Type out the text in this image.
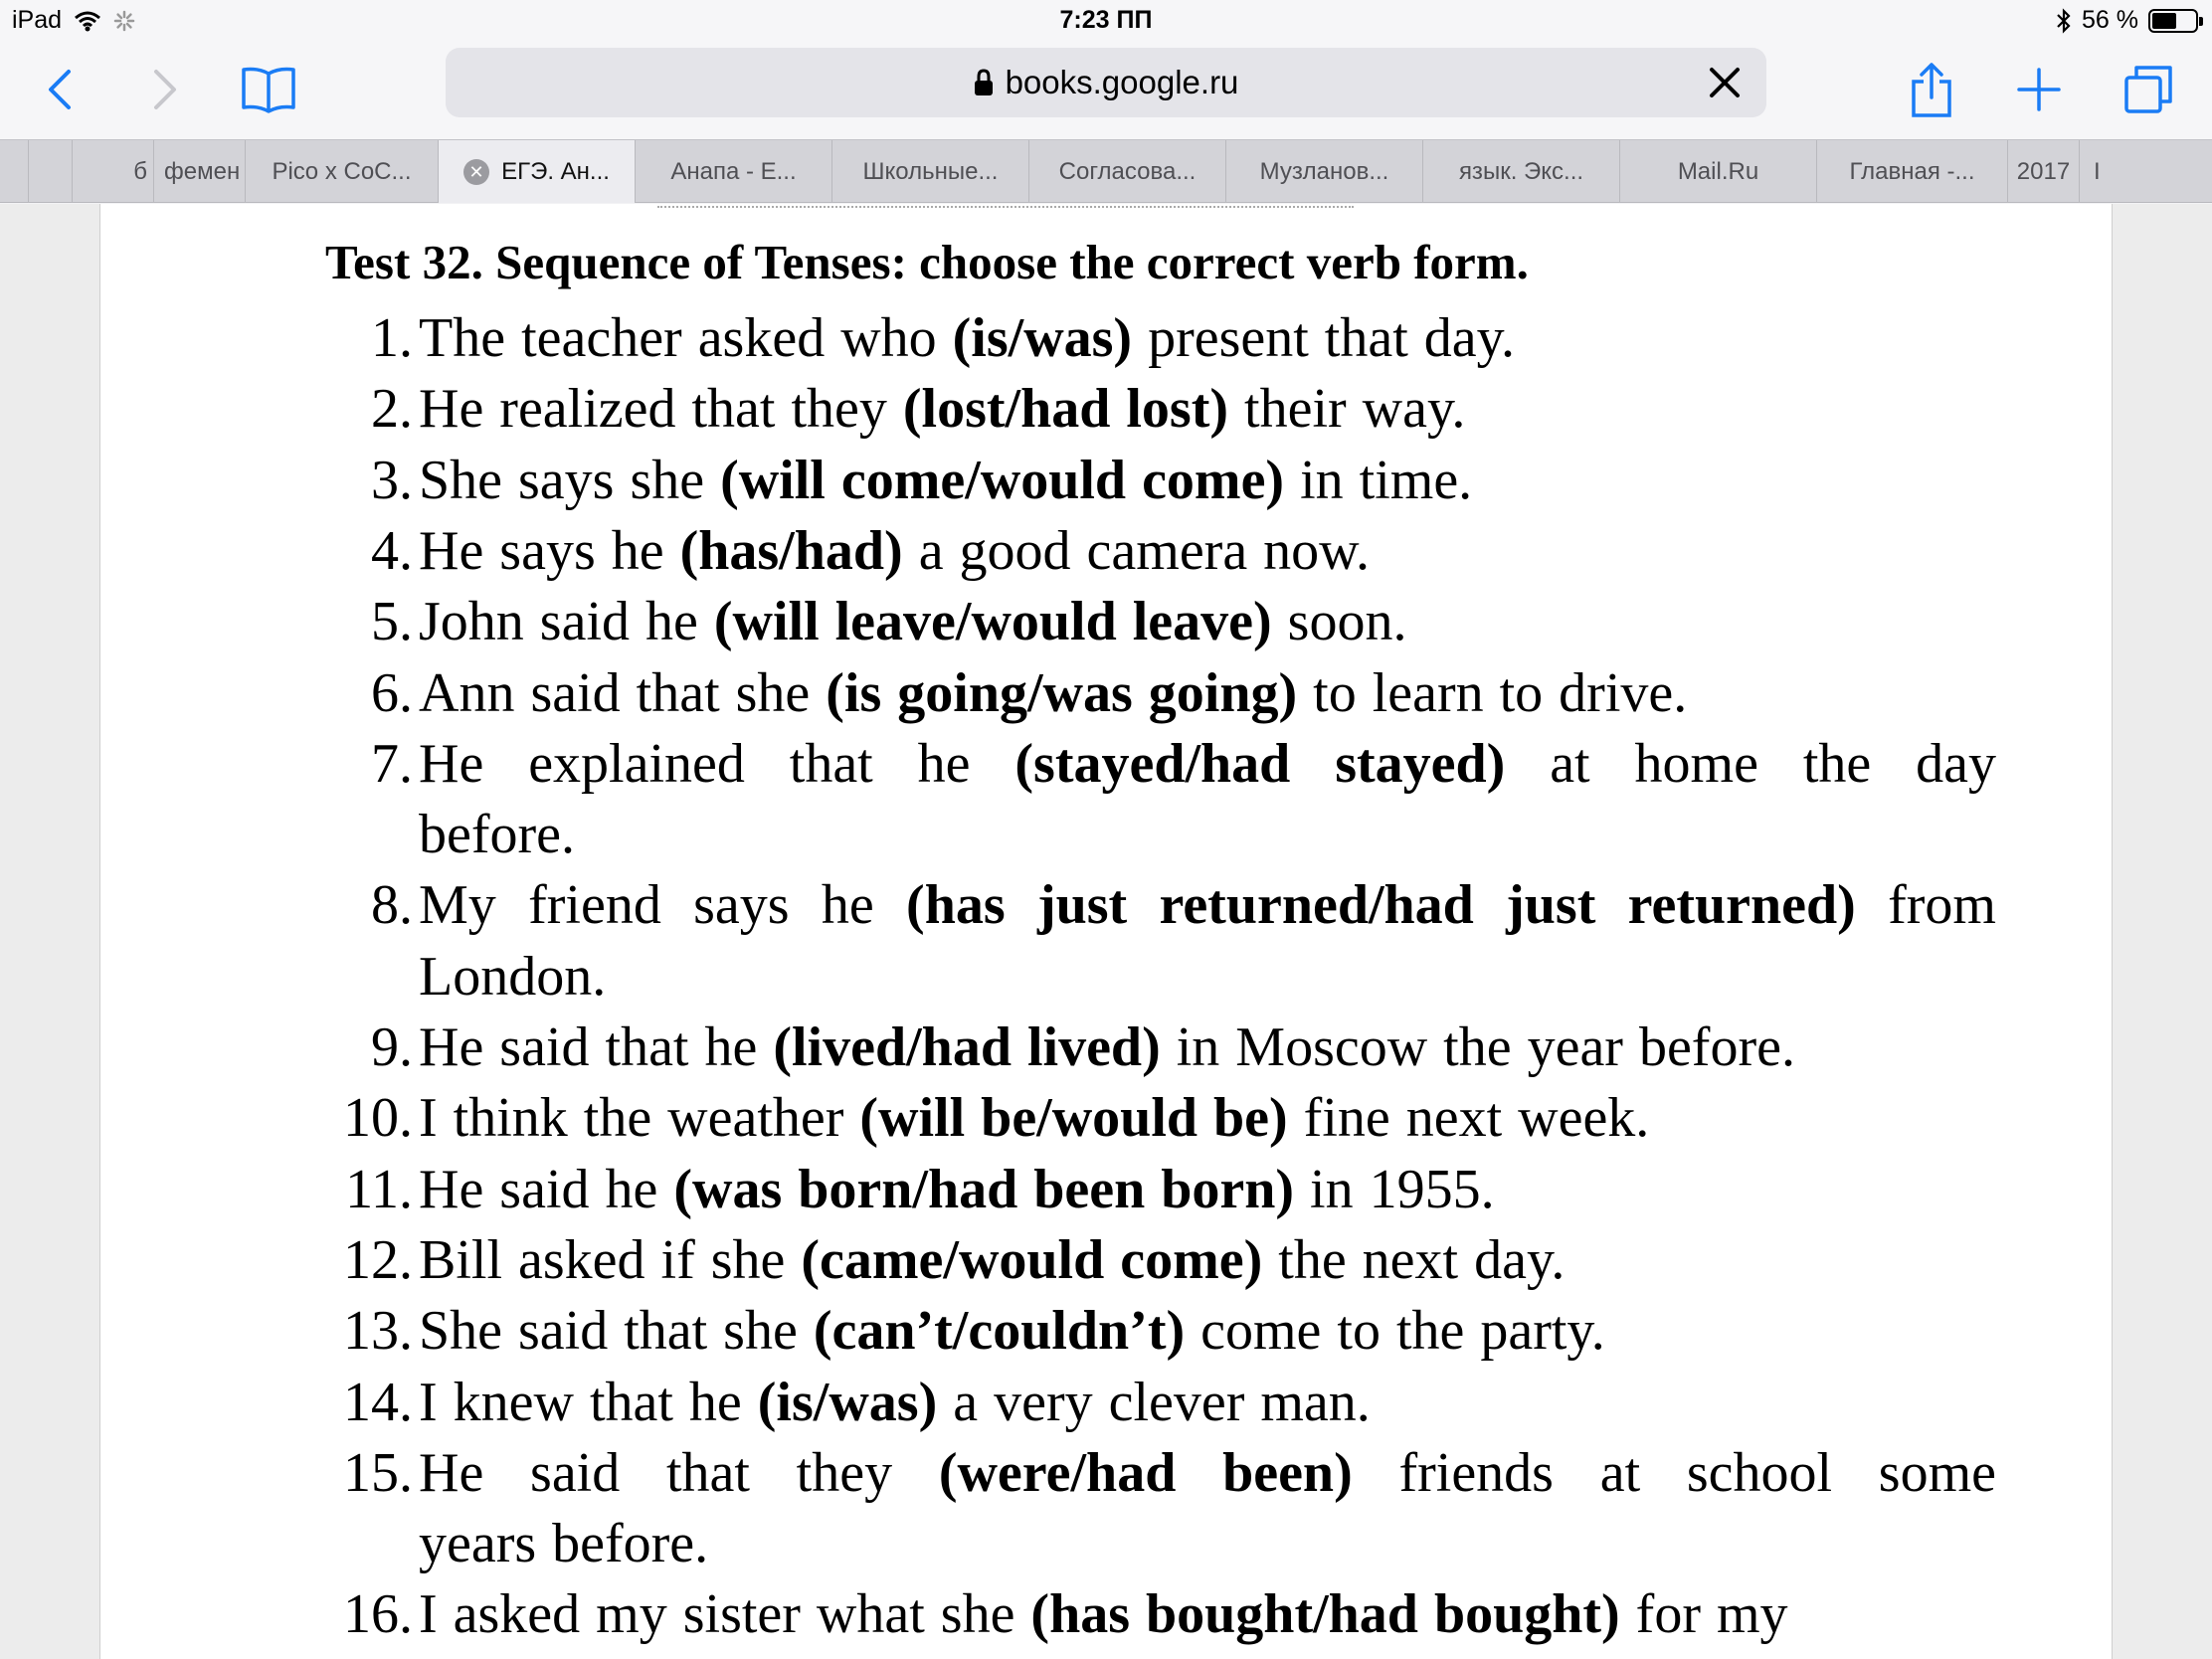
iPad	7:23 ПП	56 %
books.google.ru
б фемен Pico x CoC...	✕ ЕГЭ. Ан...	Анапа - Е...	Школьные...	Согласова...	Музланов...	язык. Экс...	Mail.Ru	Главная -... 2017 I
Test 32. Sequence of Tenses: choose the correct verb form.
1. The teacher asked who (is/was) present that day.
2. He realized that they (lost/had lost) their way.
3. She says she (will come/would come) in time.
4. He says he (has/had) a good camera now.
5. John said he (will leave/would leave) soon.
6. Ann said that she (is going/was going) to learn to drive.
7. He explained that he (stayed/had stayed) at home the day
before.
8. My friend says he (has just returned/had just returned) from
London.
9. He said that he (lived/had lived) in Moscow the year before.
10. I think the weather (will be/would be) fine next week.
11. He said he (was born/had been born) in 1955.
12. Bill asked if she (came/would come) the next day.
13. She said that she (can’t/couldn’t) come to the party.
14. I knew that he (is/was) a very clever man.
15. He said that they (were/had been) friends at school some
years before.
16. I asked my sister what she (has bought/had bought) for my
